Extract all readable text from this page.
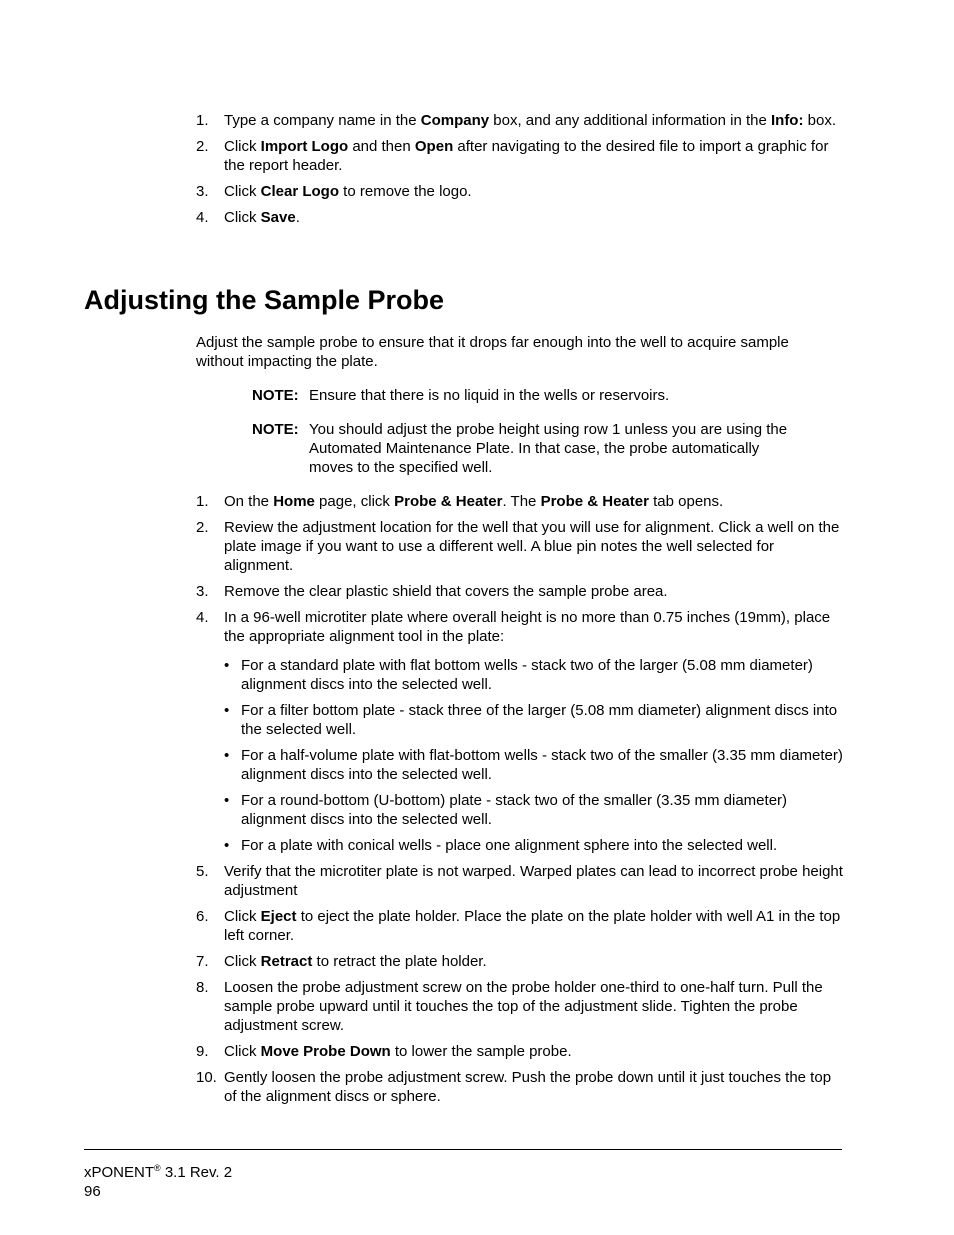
1. Type a company name in the Company box, and any additional information in the Info: box.
2. Click Import Logo and then Open after navigating to the desired file to import a graphic for the report header.
3. Click Clear Logo to remove the logo.
4. Click Save.
Adjusting the Sample Probe

Adjust the sample probe to ensure that it drops far enough into the well to acquire sample without impacting the plate.

NOTE: Ensure that there is no liquid in the wells or reservoirs.
NOTE: You should adjust the probe height using row 1 unless you are using the Automated Maintenance Plate. In that case, the probe automatically moves to the specified well.
1. On the Home page, click Probe & Heater. The Probe & Heater tab opens.
2. Review the adjustment location for the well that you will use for alignment. Click a well on the plate image if you want to use a different well. A blue pin notes the well selected for alignment.
3. Remove the clear plastic shield that covers the sample probe area.
4. In a 96-well microtiter plate where overall height is no more than 0.75 inches (19mm), place the appropriate alignment tool in the plate:
• For a standard plate with flat bottom wells - stack two of the larger (5.08 mm diameter) alignment discs into the selected well.
• For a filter bottom plate - stack three of the larger (5.08 mm diameter) alignment discs into the selected well.
• For a half-volume plate with flat-bottom wells - stack two of the smaller (3.35 mm diameter) alignment discs into the selected well.
• For a round-bottom (U-bottom) plate - stack two of the smaller (3.35 mm diameter) alignment discs into the selected well.
• For a plate with conical wells - place one alignment sphere into the selected well.
5. Verify that the microtiter plate is not warped. Warped plates can lead to incorrect probe height adjustment
6. Click Eject to eject the plate holder. Place the plate on the plate holder with well A1 in the top left corner.
7. Click Retract to retract the plate holder.
8. Loosen the probe adjustment screw on the probe holder one-third to one-half turn. Pull the sample probe upward until it touches the top of the adjustment slide. Tighten the probe adjustment screw.
9. Click Move Probe Down to lower the sample probe.
10. Gently loosen the probe adjustment screw. Push the probe down until it just touches the top of the alignment discs or sphere.
xPONENT® 3.1 Rev. 2
96
